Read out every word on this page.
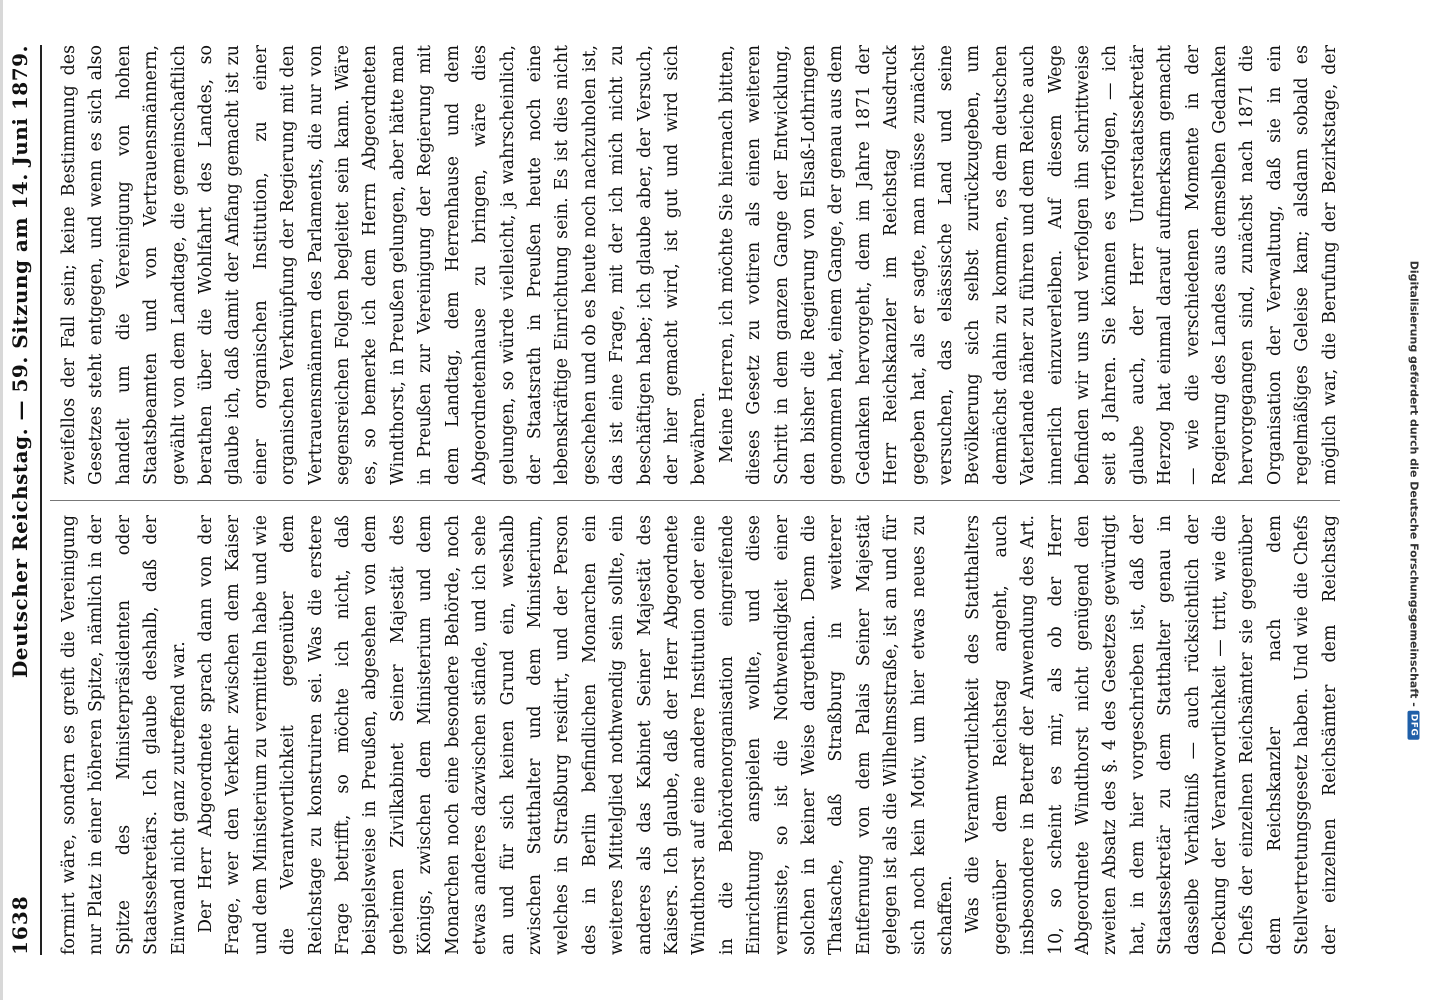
1638
Deutscher Reichstag. — 59. Sitzung am 14. Juni 1879.

formirt wäre, sondern es greift die Vereinigung nur Platz in einer höheren Spitze, nämlich in der Spitze des Ministerpräsidenten oder Staatssekretärs. Ich glaube deshalb, daß der Einwand nicht ganz zutreffend war. Der Herr Abgeordnete sprach dann von der Frage, wer den Verkehr zwischen dem Kaiser und dem Ministerium zu vermitteln habe und wie die Verantwortlichkeit gegenüber dem Reichstage zu konstruiren sei. Was die erstere Frage betrifft, so möchte ich nicht, daß beispielsweise in Preußen, abgesehen von dem geheimen Zivilkabinet Seiner Majestät des Königs, zwischen dem Ministerium und dem Monarchen noch eine besondere Behörde, noch etwas anderes dazwischen stände, und ich sehe an und für sich keinen Grund ein, weshalb zwischen Statthalter und dem Ministerium, welches in Straßburg residirt, und der Person des in Berlin befindlichen Monarchen ein weiteres Mittelglied nothwendig sein sollte, ein anderes als das Kabinet Seiner Majestät des Kaisers. Ich glaube, daß der Herr Abgeordnete Windthorst auf eine andere Institution oder eine in die Behördenorganisation eingreifende Einrichtung anspielen wollte, und diese vermisste, so ist die Nothwendigkeit einer solchen in keiner Weise dargethan. Denn die Thatsache, daß Straßburg in weiterer Entfernung von dem Palais Seiner Majestät gelegen ist als die Wilhelmsstraße, ist an und für sich noch kein Motiv, um hier etwas neues zu schaffen. Was die Verantwortlichkeit des Statthalters gegenüber dem Reichstag angeht, auch insbesondere in Betreff der Anwendung des Art. 10, so scheint es mir, als ob der Herr Abgeordnete Windthorst nicht genügend den zweiten Absatz des §. 4 des Gesetzes gewürdigt hat, in dem hier vorgeschrieben ist, daß der Staatssekretär zu dem Statthalter genau in dasselbe Verhältniß — auch rücksichtlich der Deckung der Verantwortlichkeit — tritt, wie die Chefs der einzelnen Reichsämter sie gegenüber dem Reichskanzler nach dem Stellvertretungsgesetz haben. Und wie die Chefs der einzelnen Reichsämter dem Reichstag

zweifellos der Fall sein; keine Bestimmung des Gesetzes steht entgegen, und wenn es sich also handelt um die Vereinigung von hohen Staatsbeamten und von Vertrauensmännern, gewählt von dem Landtage, die gemeinschaftlich berathen über die Wohlfahrt des Landes, so glaube ich, daß damit der Anfang gemacht ist zu einer organischen Institution, zu einer organischen Verknüpfung der Regierung mit den Vertrauensmännern des Parlaments, die nur von segensreichen Folgen begleitet sein kann. Wäre es, so bemerke ich dem Herrn Abgeordneten Windthorst, in Preußen gelungen, aber hätte man in Preußen zur Vereinigung der Regierung mit dem Landtag, dem Herrenhause und dem Abgeordnetenhause zu bringen, wäre dies gelungen, so würde vielleicht, ja wahrscheinlich, der Staatsrath in Preußen heute noch eine lebenskräftige Einrichtung sein. Es ist dies nicht geschehen und ob es heute noch nachzuholen ist, das ist eine Frage, mit der ich mich nicht zu beschäftigen habe; ich glaube aber, der Versuch, der hier gemacht wird, ist gut und wird sich bewähren. Meine Herren, ich möchte Sie hiernach bitten, dieses Gesetz zu votiren als einen weiteren Schritt in dem ganzen Gange der Entwicklung, den bisher die Regierung von Elsaß-Lothringen genommen hat, einem Gange, der genau aus dem Gedanken hervorgeht, dem im Jahre 1871 der Herr Reichskanzler im Reichstag Ausdruck gegeben hat, als er sagte, man müsse zunächst versuchen, das elsässische Land und seine Bevölkerung sich selbst zurückzugeben, um demnächst dahin zu kommen, es dem deutschen Vaterlande näher zu führen und dem Reiche auch innerlich einzuverleiben. Auf diesem Wege befinden wir uns und verfolgen ihn schrittweise seit 8 Jahren. Sie können es verfolgen, — ich glaube auch, der Herr Unterstaatssekretär Herzog hat einmal darauf aufmerksam gemacht — wie die verschiedenen Momente in der Regierung des Landes aus demselben Gedanken hervorgegangen sind, zunächst nach 1871 die Organisation der Verwaltung, daß sie in ein regelmäßiges Geleise kam; alsdann sobald es möglich war, die Berufung der Bezirkstage, der

Digitalisierung gefördert durch die Deutsche Forschungsgemeinschaft -
DFG
